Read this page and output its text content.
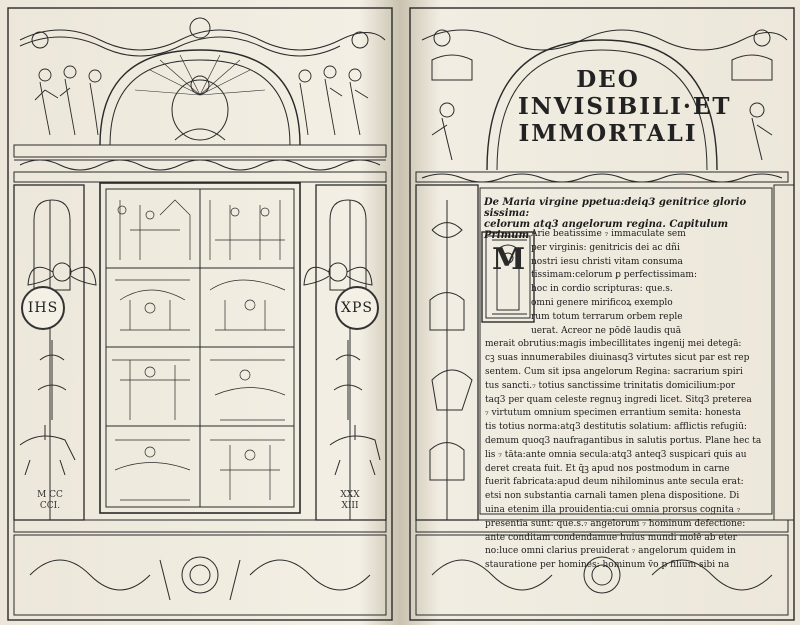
IHS	XPS
M CC
CCI.
XXX
XIII
DEO
INVISIBILI·ET
IMMORTALI
De Maria virgine ppetua:deiq3 genitrice glorio​sissima:
celorum atq3 angelorum regina. Capitulum Primum
M
Arie beatissime ₇ immaculate sem
per virginis: genitricis dei ac dñi
nostri iesu christi vitam consuma
tissimam:celorum ꝑ perfectissimam:
hoc in cordio scripturas: que.s.
omni genere mirificoꝝ exemplo
rum totum terrarum orbem reple
uerat. Acreor ne pōdē laudis quā
merait obrutius:magis imbecillitates ingenij mei detegā:
cꝫ suas innumerabiles diuinasq3 virtutes sicut par est rep
sentem. Cum sit ipsa angelorum Regina: sacrarium spiri
tus sancti.₇ totius sanctissime trinitatis domicilium:por
taq3 per quam celeste regnuꝫ ingredi licet. Sitq3 preterea
₇ virtutum omnium specimen errantium semita: honesta
tis totius norma:atq3 destitutis solatium: afflictis refugiū:
demum quoq3 naufragantibus in salutis portus. Plane hec ta
lis ₇ tāta:ante omnia secula:atq3 anteq3 suspicari quis au
deret creata fuit. Et q̄ꝫ apud nos postmodum in carne
fuerit fabricata:apud deum nihilominus ante secula erat:
etsi non substantia carnali tamen plena dispositione. Di
uina etenim illa prouidentia:cui omnia prorsus cognita ₇
presentia sunt: que.s.₇ angelorum ₇ hominum defectione:
ante conditam condendamue huius mundi molē ab eter
no:luce omni clarius preuiderat ₇ angelorum quidem in
stauratione per homines: hominum v̄o p filium sibi na
